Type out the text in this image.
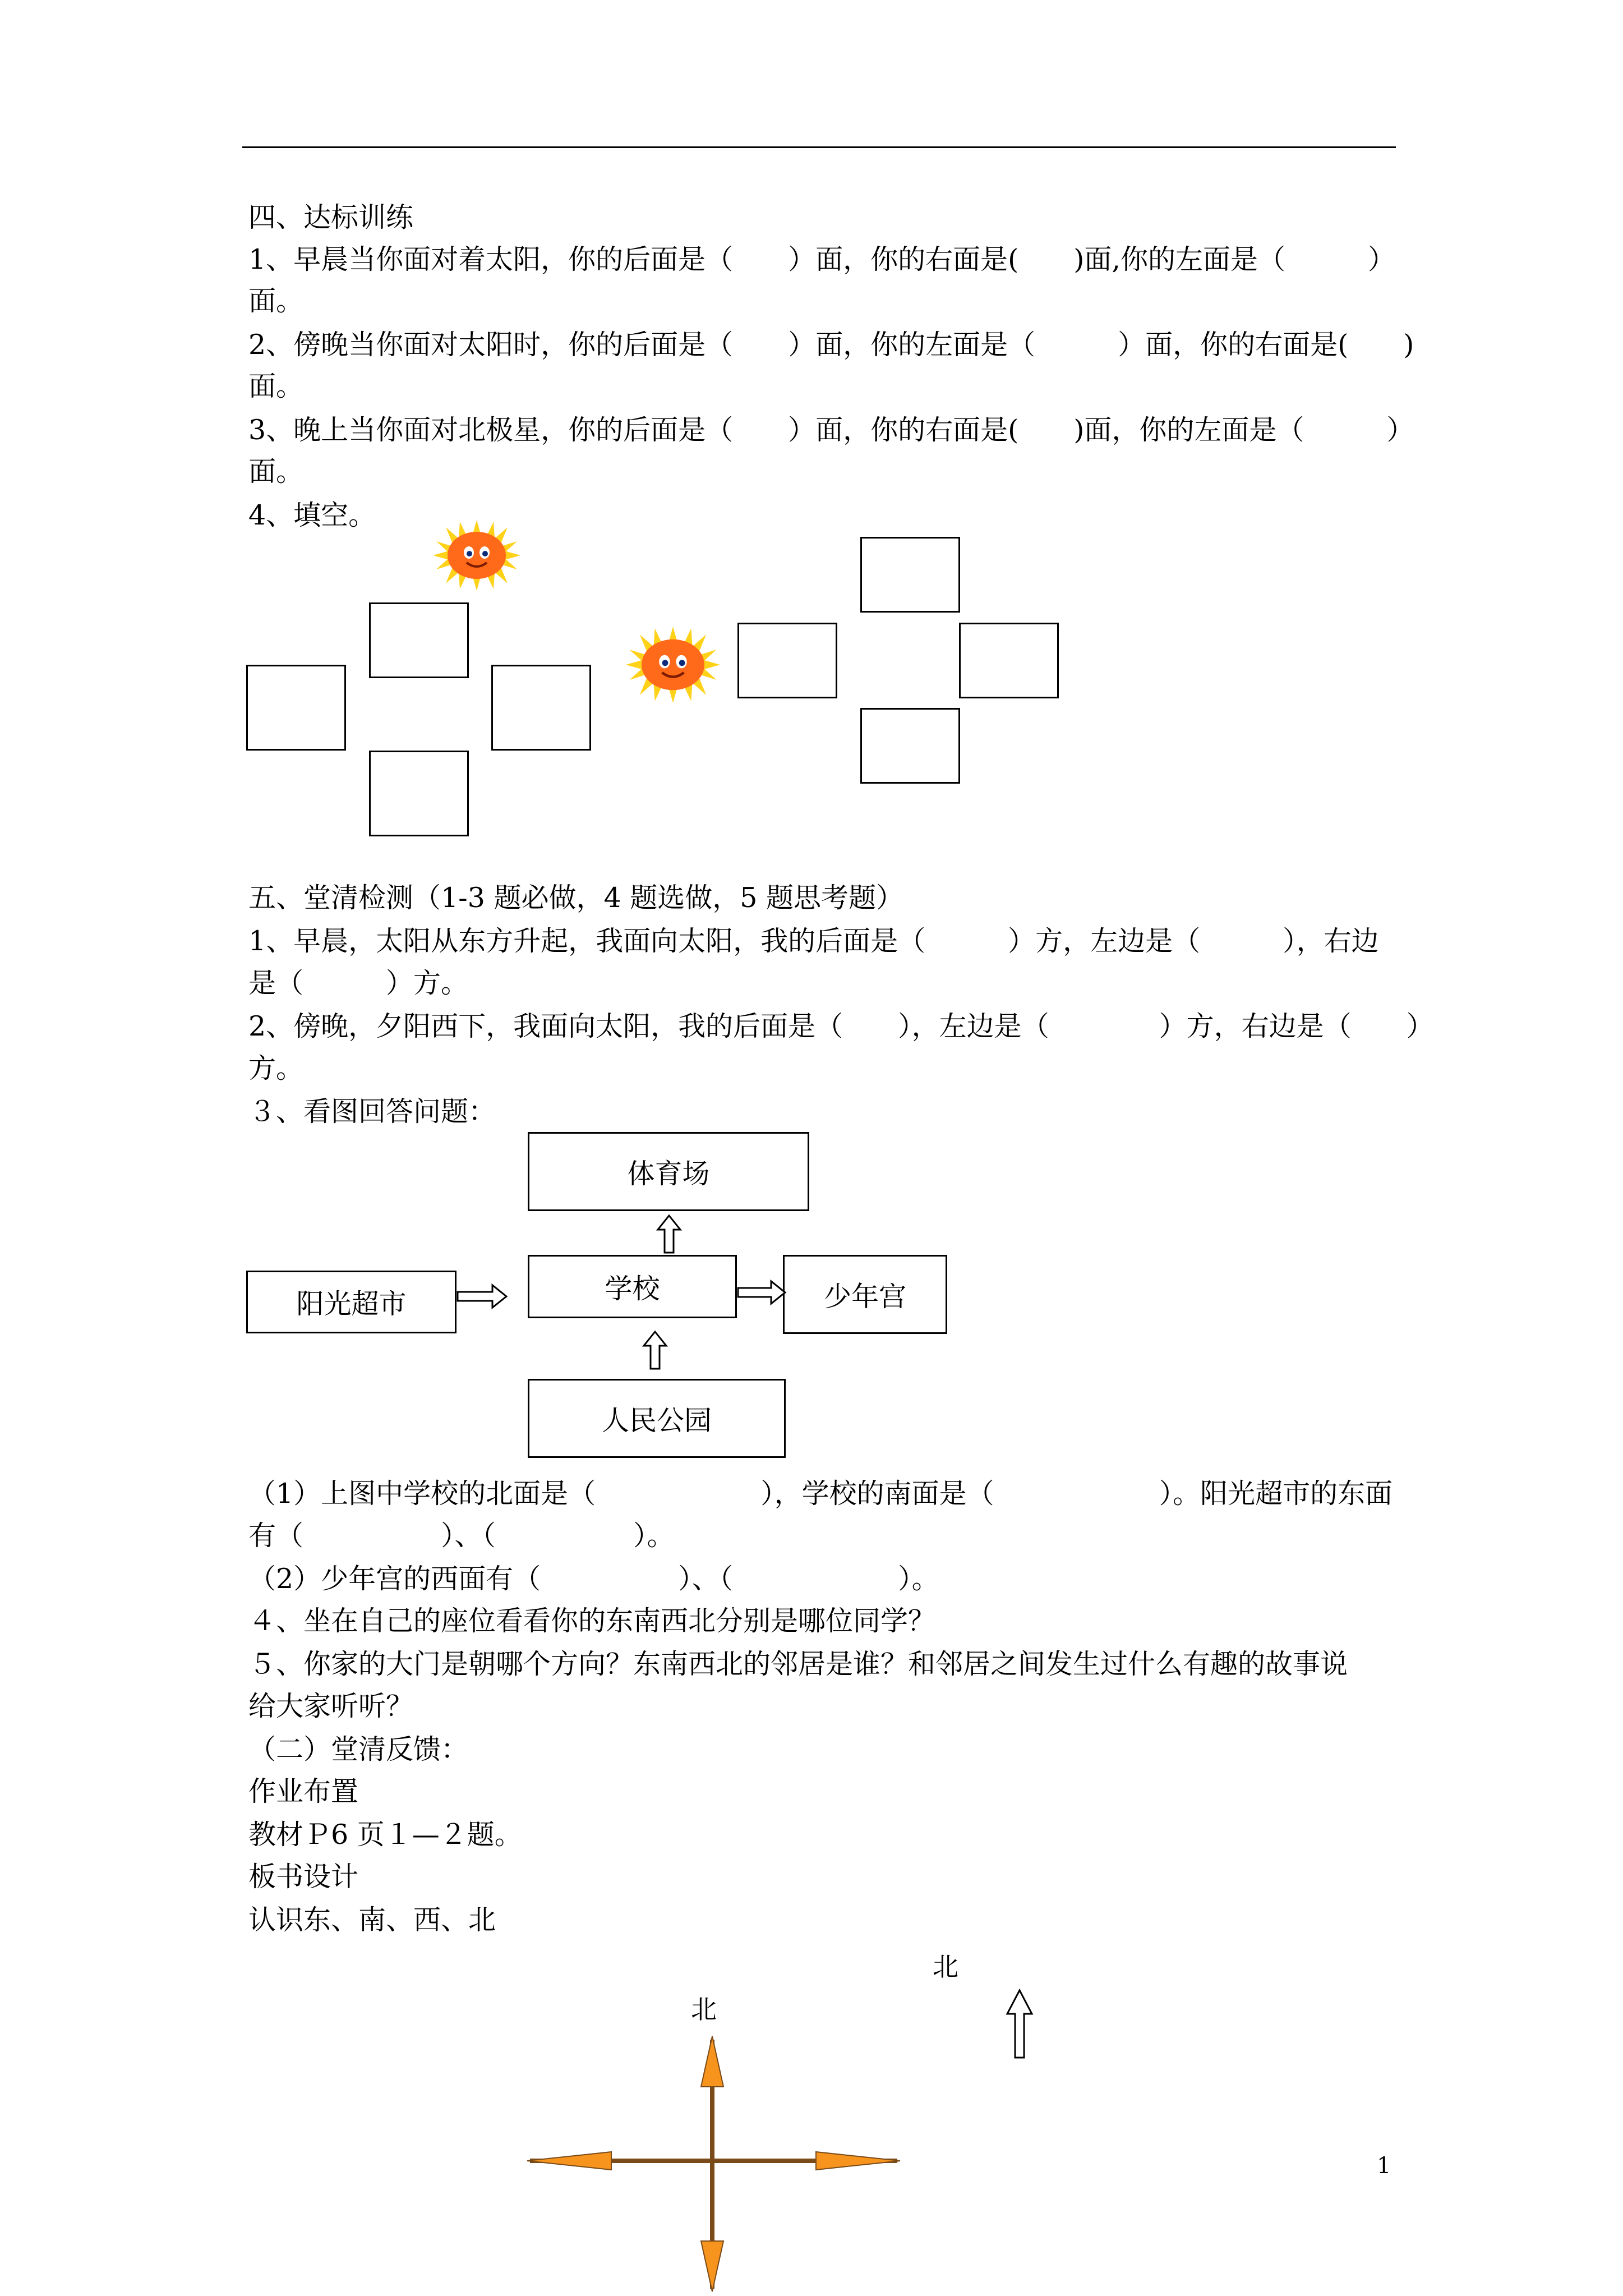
四、达标训练
1、早晨当你面对着太阳，你的后面是（　　）面，你的右面是(　　)面,你的左面是（　　　）
面。
2、傍晚当你面对太阳时，你的后面是（　　）面，你的左面是（　　　）面，你的右面是(　　)
面。
3、晚上当你面对北极星，你的后面是（　　）面，你的右面是(　　)面，你的左面是（　　　）
面。
4、填空。
五、堂清检测（1-3 题必做，4 题选做，5 题思考题）
1、早晨，太阳从东方升起，我面向太阳，我的后面是（　　　）方，左边是（　　　），右边
是（　　　）方。
2、傍晚，夕阳西下，我面向太阳，我的后面是（　　），左边是（　　　　）方，右边是（　　）
方。
３、看图回答问题：
体育场
学校
阳光超市	少年宫
人民公园
（1）上图中学校的北面是（　　　　　　），学校的南面是（　　　　　　）。阳光超市的东面
有（　　　　　）、（　　　　　）。
（2）少年宫的西面有（　　　　　）、（　　　　　　）。
４、坐在自己的座位看看你的东南西北分别是哪位同学？
５、你家的大门是朝哪个方向？东南西北的邻居是谁？和邻居之间发生过什么有趣的故事说
给大家听听？
（二）堂清反馈：
作业布置
教材Ｐ6 页１—２题。
板书设计
认识东、南、西、北
北
北
1
